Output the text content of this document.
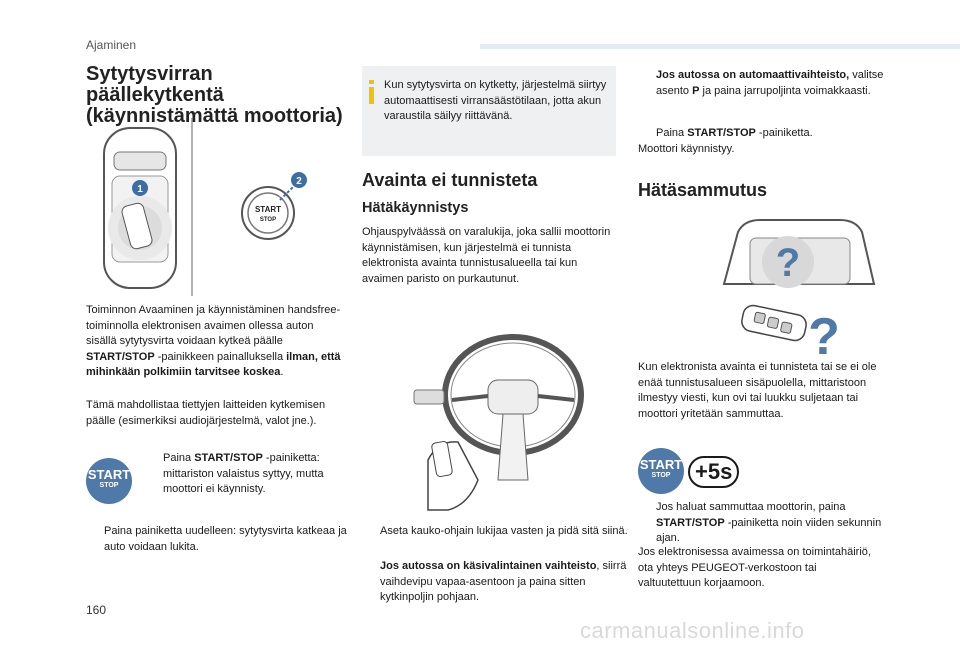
Ajaminen
Sytytysvirran päällekytkentä
(käynnistämättä moottoria)
1
START
STOP
2
Toiminnon Avaaminen ja käynnistäminen handsfree-toiminnolla elektronisen avaimen ollessa auton sisällä sytytysvirta voidaan kytkeä päälle START/STOP -painikkeen painalluksella ilman, että mihinkään polkimiin tarvitsee koskea.
Tämä mahdollistaa tiettyjen laitteiden kytkemisen päälle (esimerkiksi audiojärjestelmä, valot jne.).
START
STOP
Paina START/STOP -painiketta: mittariston valaistus syttyy, mutta moottori ei käynnisty.
Paina painiketta uudelleen: sytytysvirta katkeaa ja auto voidaan lukita.
Kun sytytysvirta on kytketty, järjestelmä siirtyy automaattisesti virransäästötilaan, jotta akun varaustila säilyy riittävänä.
Avainta ei tunnisteta
Hätäkäynnistys
Ohjauspylväässä on varalukija, joka sallii moottorin käynnistämisen, kun järjestelmä ei tunnista elektronista avainta tunnistusalueella tai kun avaimen paristo on purkautunut.
Aseta kauko-ohjain lukijaa vasten ja pidä sitä siinä.
Jos autossa on käsivalintainen vaihteisto, siirrä vaihdevipu vapaa-asentoon ja paina sitten kytkinpoljin pohjaan.
Jos autossa on automaattivaihteisto, valitse asento P ja paina jarrupoljinta voimakkaasti.
Paina START/STOP -painiketta.
Moottori käynnistyy.
Hätäsammutus
?
?
Kun elektronista avainta ei tunnisteta tai se ei ole enää tunnistusalueen sisäpuolella, mittaristoon ilmestyy viesti, kun ovi tai luukku suljetaan tai moottori yritetään sammuttaa.
START
STOP	+5s
Jos haluat sammuttaa moottorin, paina START/STOP -painiketta noin viiden sekunnin ajan.
Jos elektronisessa avaimessa on toimintahäiriö, ota yhteys PEUGEOT-verkostoon tai valtuutettuun korjaamoon.
160
carmanualsonline.info
